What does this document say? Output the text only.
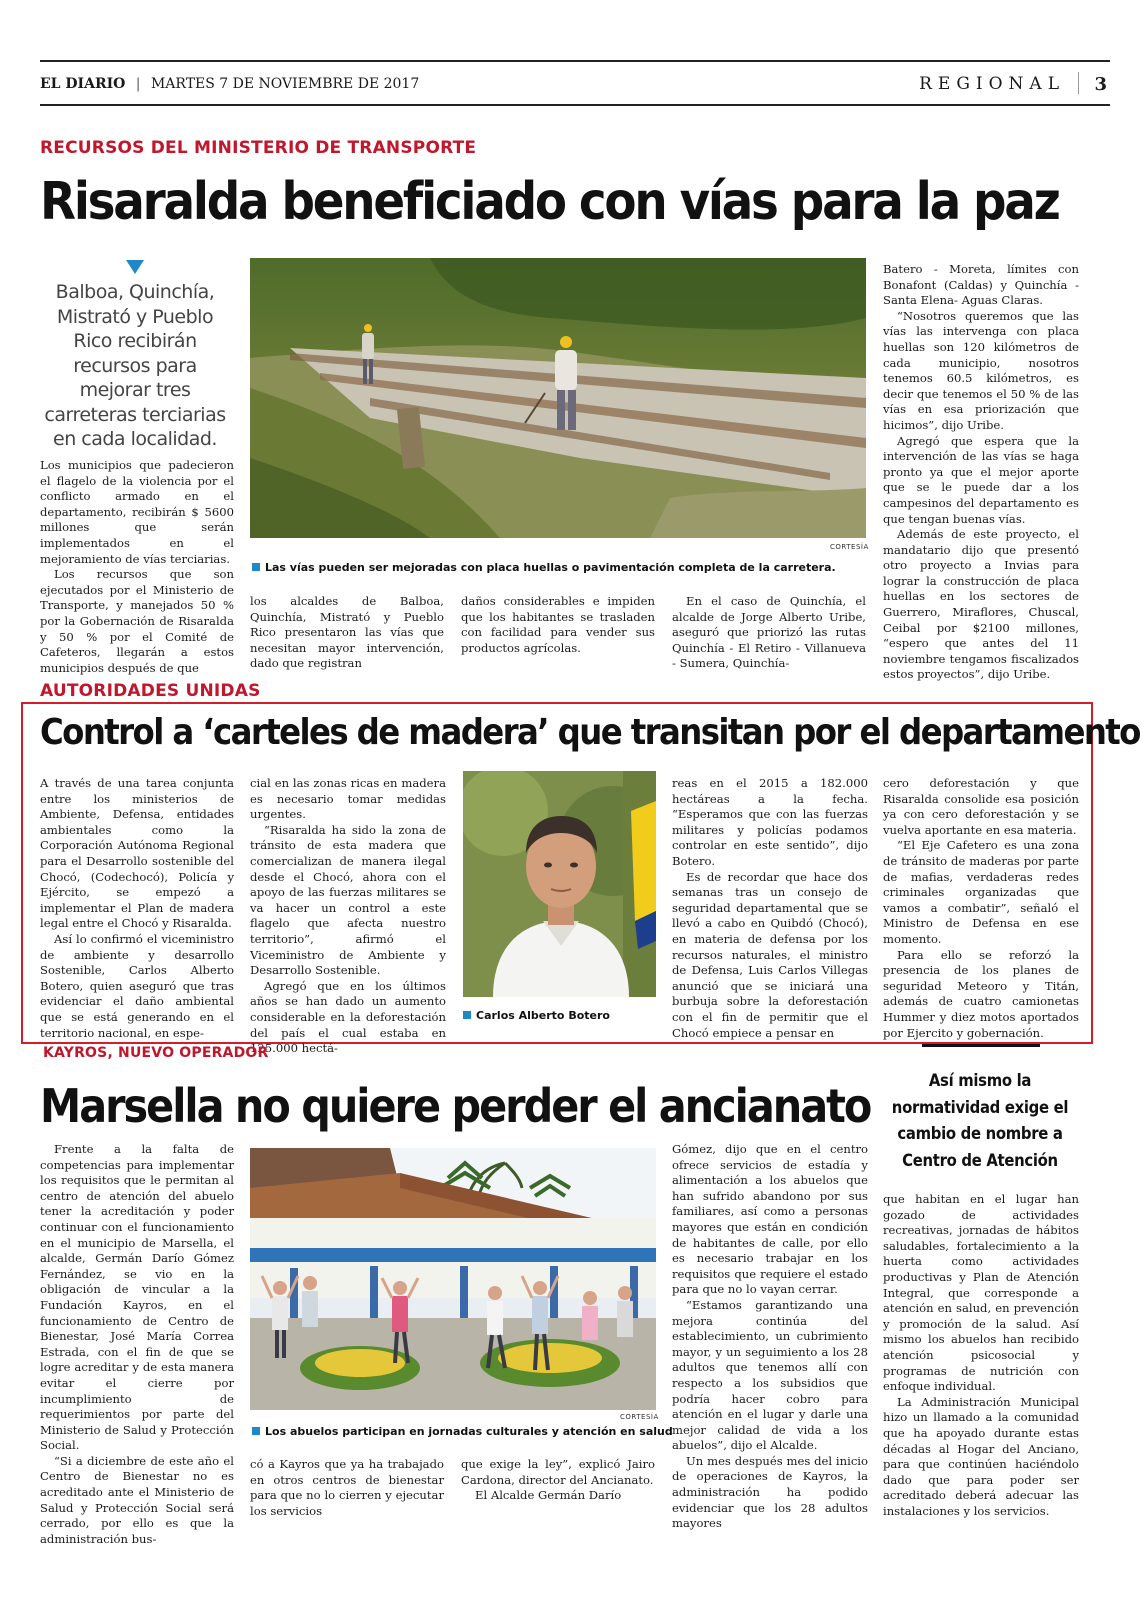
EL DIARIO | MARTES 7 DE NOVIEMBRE DE 2017	REGIONAL 3
RECURSOS DEL MINISTERIO DE TRANSPORTE
Risaralda beneficiado con vías para la paz
Balboa, Quinchía, Mistrató y Pueblo Rico recibirán recursos para mejorar tres carreteras terciarias en cada localidad.
CORTESÍA
Las vías pueden ser mejoradas con placa huellas o pavimentación completa de la carretera.

Los municipios que padecieron el flagelo de la violencia por el conflicto armado en el departamento, recibirán $ 5600 millones que serán implementados en el mejoramiento de vías terciarias.

Los recursos que son ejecutados por el Ministerio de Transporte, y manejados 50 % por la Gobernación de Risaralda y 50 % por el Comité de Cafeteros, llegarán a estos municipios después de que

los alcaldes de Balboa, Quinchía, Mistrató y Pueblo Rico presentaron las vías que necesitan mayor intervención, dado que registran

daños considerables e impiden que los habitantes se trasladen con facilidad para vender sus productos agrícolas.

En el caso de Quinchía, el alcalde de Jorge Alberto Uribe, aseguró que priorizó las rutas Quinchía - El Retiro - Villanueva - Sumera, Quinchía-

Batero - Moreta, límites con Bonafont (Caldas) y Quinchía - Santa Elena- Aguas Claras.

“Nosotros queremos que las vías las intervenga con placa huellas son 120 kilómetros de cada municipio, nosotros tenemos 60.5 kilómetros, es decir que tenemos el 50 % de las vías en esa priorización que hicimos”, dijo Uribe.

Agregó que espera que la intervención de las vías se haga pronto ya que el mejor aporte que se le puede dar a los campesinos del departamento es que tengan buenas vías.

Además de este proyecto, el mandatario dijo que presentó otro proyecto a Invias para lograr la construcción de placa huellas en los sectores de Guerrero, Miraflores, Chuscal, Ceibal por $2100 millones, “espero que antes del 11 noviembre tengamos fiscalizados estos proyectos”, dijo Uribe.

AUTORIDADES UNIDAS
Control a ‘carteles de madera’ que transitan por el departamento

A través de una tarea conjunta entre los ministerios de Ambiente, Defensa, entidades ambientales como la Corporación Autónoma Regional para el Desarrollo sostenible del Chocó, (Codechocó), Policía y Ejército, se empezó a implementar el Plan de madera legal entre el Chocó y Risaralda.

Así lo confirmó el viceministro de ambiente y desarrollo Sostenible, Carlos Alberto Botero, quien aseguró que tras evidenciar el daño ambiental que se está generando en el territorio nacional, en espe-

cial en las zonas ricas en madera es necesario tomar medidas urgentes.

“Risaralda ha sido la zona de tránsito de esta madera que comercializan de manera ilegal desde el Chocó, ahora con el apoyo de las fuerzas militares se va hacer un control a este flagelo que afecta nuestro territorio”, afirmó el Viceministro de Ambiente y Desarrollo Sostenible.

Agregó que en los últimos años se han dado un aumento considerable en la deforestación del país el cual estaba en 125.000 hectá-

Carlos Alberto Botero

reas en el 2015 a 182.000 hectáreas a la fecha. “Esperamos que con las fuerzas militares y policías podamos controlar en este sentido”, dijo Botero.

Es de recordar que hace dos semanas tras un consejo de seguridad departamental que se llevó a cabo en Quibdó (Chocó), en materia de defensa por los recursos naturales, el ministro de Defensa, Luis Carlos Villegas anunció que se iniciará una burbuja sobre la deforestación con el fin de permitir que el Chocó empiece a pensar en

cero deforestación y que Risaralda consolide esa posición ya con cero deforestación y se vuelva aportante en esa materia.

“El Eje Cafetero es una zona de tránsito de maderas por parte de mafias, verdaderas redes criminales organizadas que vamos a combatir”, señaló el Ministro de Defensa en ese momento.

Para ello se reforzó la presencia de los planes de seguridad Meteoro y Titán, además de cuatro camionetas Hummer y diez motos aportados por Ejercito y gobernación.

KAYROS, NUEVO OPERADOR
Marsella no quiere perder el ancianato	Así mismo la normatividad exige el cambio de nombre a Centro de Atención

Frente a la falta de competencias para implementar los requisitos que le permitan al centro de atención del abuelo tener la acreditación y poder continuar con el funcionamiento en el municipio de Marsella, el alcalde, Germán Darío Gómez Fernández, se vio en la obligación de vincular a la Fundación Kayros, en el funcionamiento de Centro de Bienestar, José María Correa Estrada, con el fin de que se logre acreditar y de esta manera evitar el cierre por incumplimiento de requerimientos por parte del Ministerio de Salud y Protección Social.

“Si a diciembre de este año el Centro de Bienestar no es acreditado ante el Ministerio de Salud y Protección Social será cerrado, por ello es que la administración bus-

CORTESÍA
Los abuelos participan en jornadas culturales y atención en salud

có a Kayros que ya ha trabajado en otros centros de bienestar para que no lo cierren y ejecutar los servicios

que exige la ley”, explicó Jairo Cardona, director del Ancianato.

El Alcalde Germán Darío

Gómez, dijo que en el centro ofrece servicios de estadía y alimentación a los abuelos que han sufrido abandono por sus familiares, así como a personas mayores que están en condición de habitantes de calle, por ello es necesario trabajar en los requisitos que requiere el estado para que no lo vayan cerrar.

“Estamos garantizando una mejora continúa del establecimiento, un cubrimiento mayor, y un seguimiento a los 28 adultos que tenemos allí con respecto a los subsidios que podría hacer cobro para atención en el lugar y darle una mejor calidad de vida a los abuelos”, dijo el Alcalde.

Un mes después mes del inicio de operaciones de Kayros, la administración ha podido evidenciar que los 28 adultos mayores

que habitan en el lugar han gozado de actividades recreativas, jornadas de hábitos saludables, fortalecimiento a la huerta como actividades productivas y Plan de Atención Integral, que corresponde a atención en salud, en prevención y promoción de la salud. Así mismo los abuelos han recibido atención psicosocial y programas de nutrición con enfoque individual.

La Administración Municipal hizo un llamado a la comunidad que ha apoyado durante estas décadas al Hogar del Anciano, para que continúen haciéndolo dado que para poder ser acreditado deberá adecuar las instalaciones y los servicios.
